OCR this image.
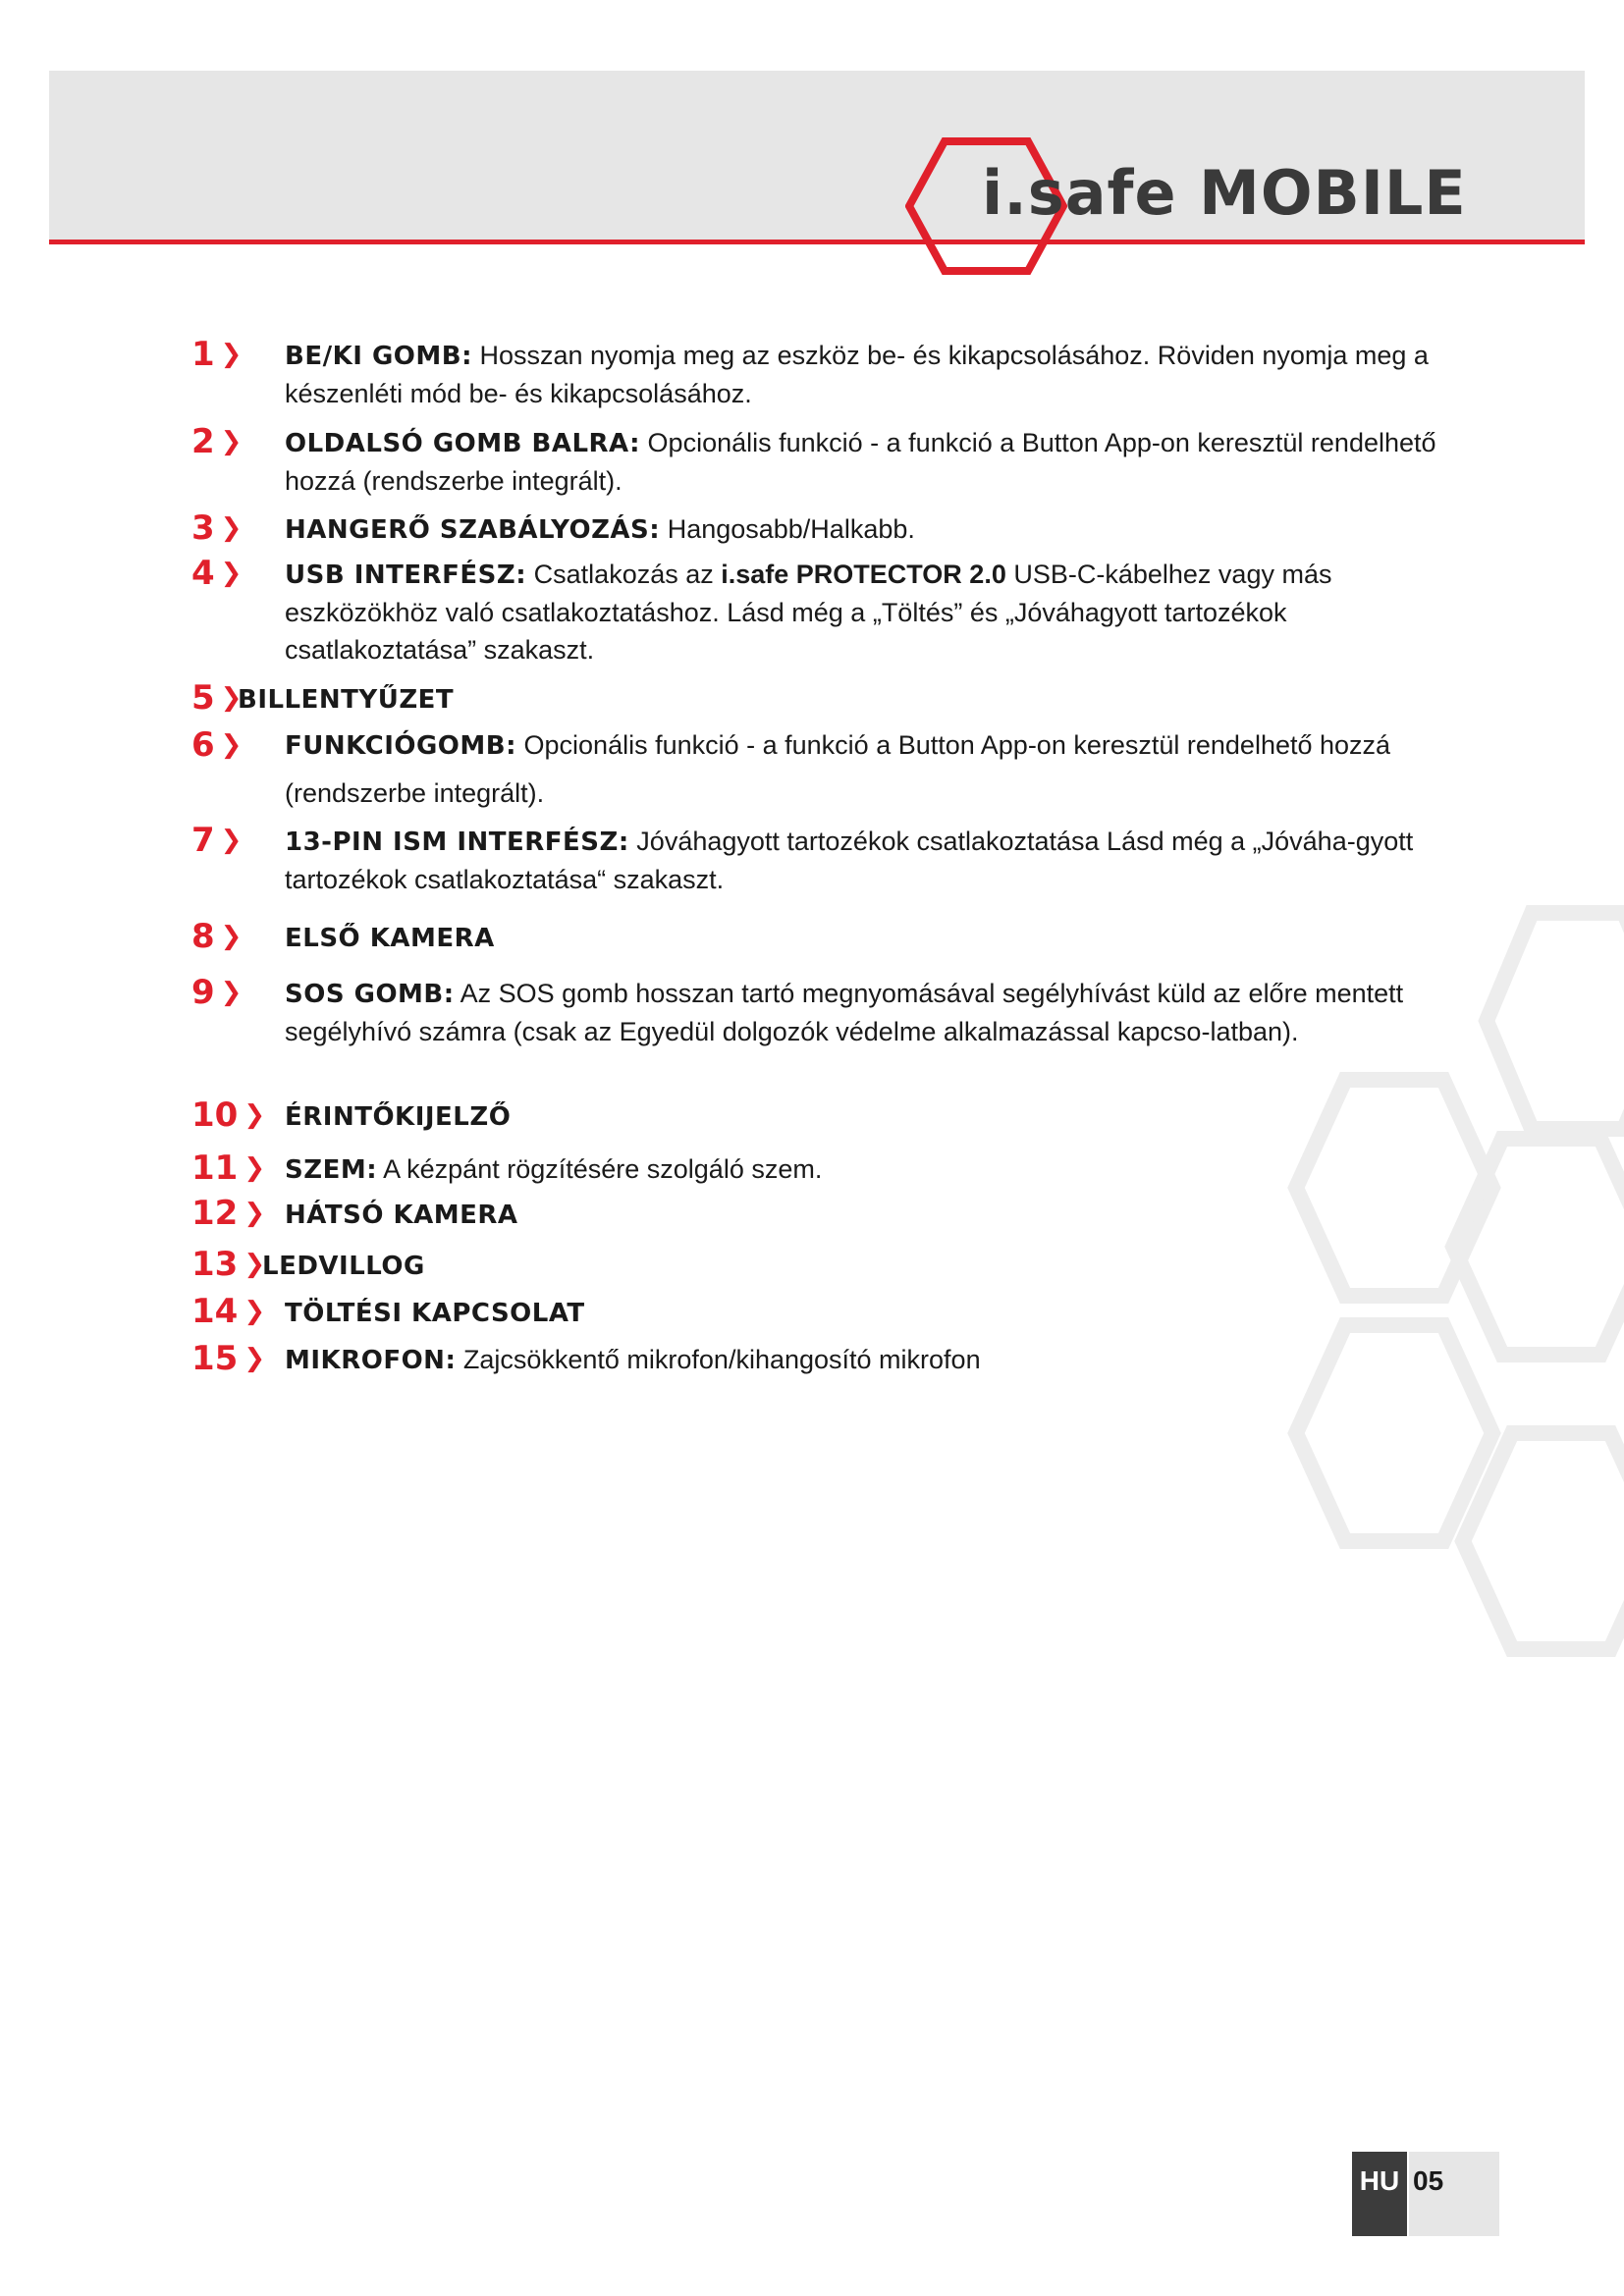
i.safe MOBILE
1 ❯ BE/KI GOMB: Hosszan nyomja meg az eszköz be- és kikapcsolásához. Röviden nyomja meg a készenléti mód be- és kikapcsolásához.
2 ❯ OLDALSÓ GOMB BALRA: Opcionális funkció - a funkció a Button App-on keresztül rendelhető hozzá (rendszerbe integrált).
3 ❯ HANGERŐ SZABÁLYOZÁS: Hangosabb/Halkabb.
4 ❯ USB INTERFÉSZ: Csatlakozás az i.safe PROTECTOR 2.0 USB-C-kábelhez vagy más eszközökhöz való csatlakoztatáshoz. Lásd még a „Töltés” és „Jóváhagyott tartozékok csatlakoztatása” szakaszt.
5 ❯
BILLENTYŰZET
6 ❯ FUNKCIÓGOMB: Opcionális funkció - a funkció a Button App-on keresztül rendelhető hozzá (rendszerbe integrált).
7 ❯ 13-PIN ISM INTERFÉSZ: Jóváhagyott tartozékok csatlakoztatása Lásd még a „Jóváha-gyott tartozékok csatlakoztatása“ szakaszt.
8 ❯ ELSŐ KAMERA
9 ❯ SOS GOMB: Az SOS gomb hosszan tartó megnyomásával segélyhívást küld az előre mentett segélyhívó számra (csak az Egyedül dolgozók védelme alkalmazással kapcso-latban).
10 ❯ ÉRINTŐKIJELZŐ
11 ❯ SZEM: A kézpánt rögzítésére szolgáló szem.
12 ❯ HÁTSÓ KAMERA
13 ❯
LEDVILLOG
14 ❯ TÖLTÉSI KAPCSOLAT
15 ❯ MIKROFON: Zajcsökkentő mikrofon/kihangosító mikrofon
HU 05
